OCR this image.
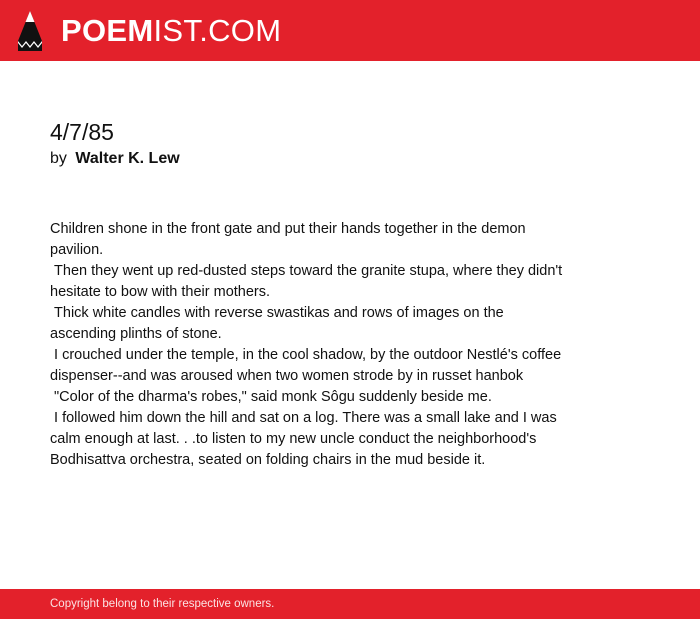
POEMIST.COM
4/7/85
by Walter K. Lew
Children shone in the front gate and put their hands together in the demon pavilion.
Then they went up red-dusted steps toward the granite stupa, where they didn't hesitate to bow with their mothers.
Thick white candles with reverse swastikas and rows of images on the ascending plinths of stone.
I crouched under the temple, in the cool shadow, by the outdoor Nestlé's coffee dispenser--and was aroused when two women strode by in russet hanbok
"Color of the dharma's robes," said monk Sôgu suddenly beside me.
I followed him down the hill and sat on a log. There was a small lake and I was calm enough at last. . .to listen to my new uncle conduct the neighborhood's Bodhisattva orchestra, seated on folding chairs in the mud beside it.
Copyright belong to their respective owners.
